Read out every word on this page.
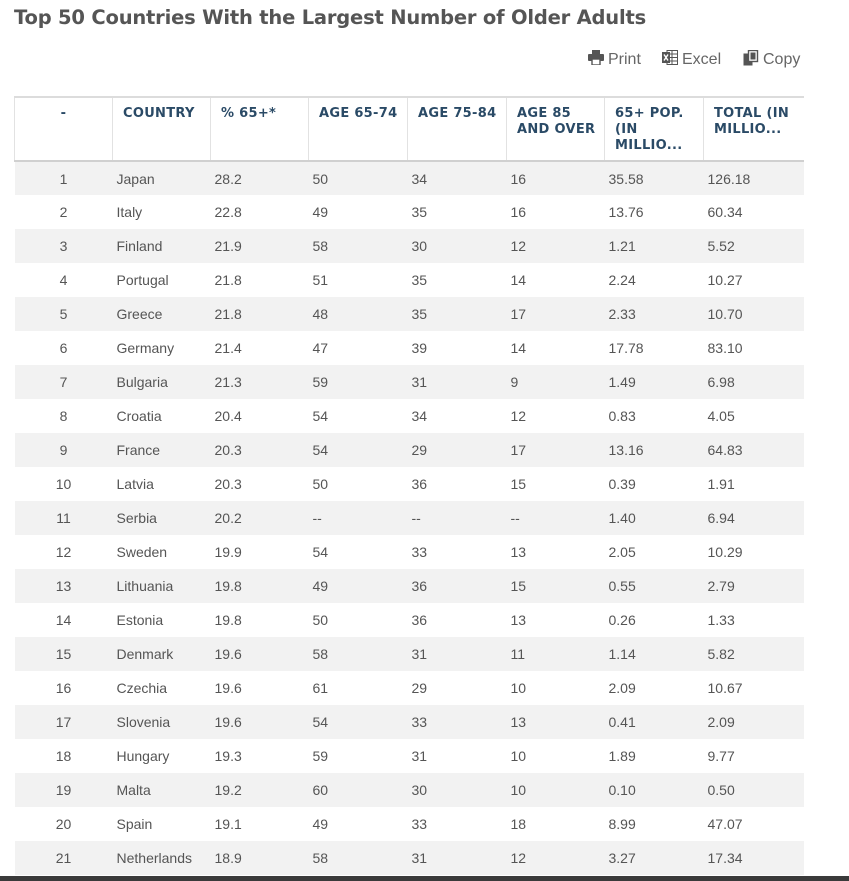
Top 50 Countries With the Largest Number of Older Adults
Print	Excel	Copy
-	COUNTRY	% 65+*	AGE 65-74	AGE 75-84	AGE 85 AND OVER	65+ POP. (IN MILLIO...	TOTAL (IN MILLIO...

1	Japan	28.2	50	34	16	35.58	126.18
2	Italy	22.8	49	35	16	13.76	60.34
3	Finland	21.9	58	30	12	1.21	5.52
4	Portugal	21.8	51	35	14	2.24	10.27
5	Greece	21.8	48	35	17	2.33	10.70
6	Germany	21.4	47	39	14	17.78	83.10
7	Bulgaria	21.3	59	31	9	1.49	6.98
8	Croatia	20.4	54	34	12	0.83	4.05
9	France	20.3	54	29	17	13.16	64.83
10	Latvia	20.3	50	36	15	0.39	1.91
11	Serbia	20.2	--	--	--	1.40	6.94
12	Sweden	19.9	54	33	13	2.05	10.29
13	Lithuania	19.8	49	36	15	0.55	2.79
14	Estonia	19.8	50	36	13	0.26	1.33
15	Denmark	19.6	58	31	11	1.14	5.82
16	Czechia	19.6	61	29	10	2.09	10.67
17	Slovenia	19.6	54	33	13	0.41	2.09
18	Hungary	19.3	59	31	10	1.89	9.77
19	Malta	19.2	60	30	10	0.10	0.50
20	Spain	19.1	49	33	18	8.99	47.07
21	Netherlands	18.9	58	31	12	3.27	17.34
